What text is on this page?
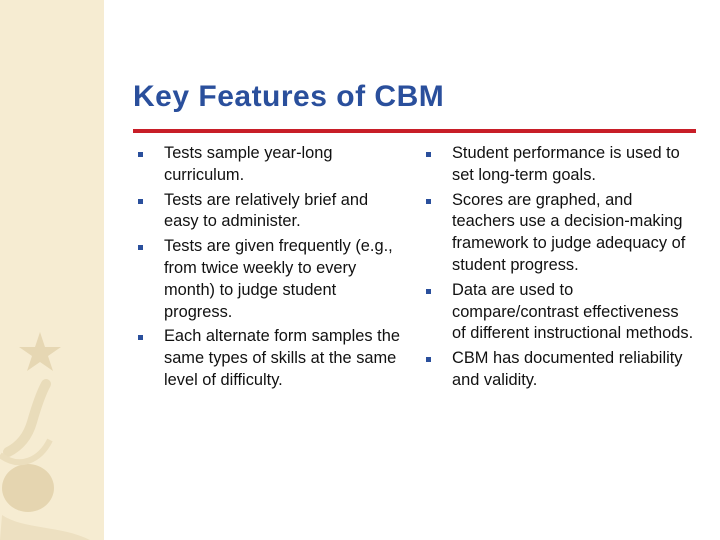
Key Features of CBM
Tests sample year-long curriculum.
Tests are relatively brief and easy to administer.
Tests are given frequently (e.g., from twice weekly to every month) to judge student progress.
Each alternate form samples the same types of skills at the same level of difficulty.
Student performance is used to set long-term goals.
Scores are graphed, and teachers use a decision-making framework to judge adequacy of student progress.
Data are used to compare/contrast effectiveness of different instructional methods.
CBM has documented reliability and validity.
